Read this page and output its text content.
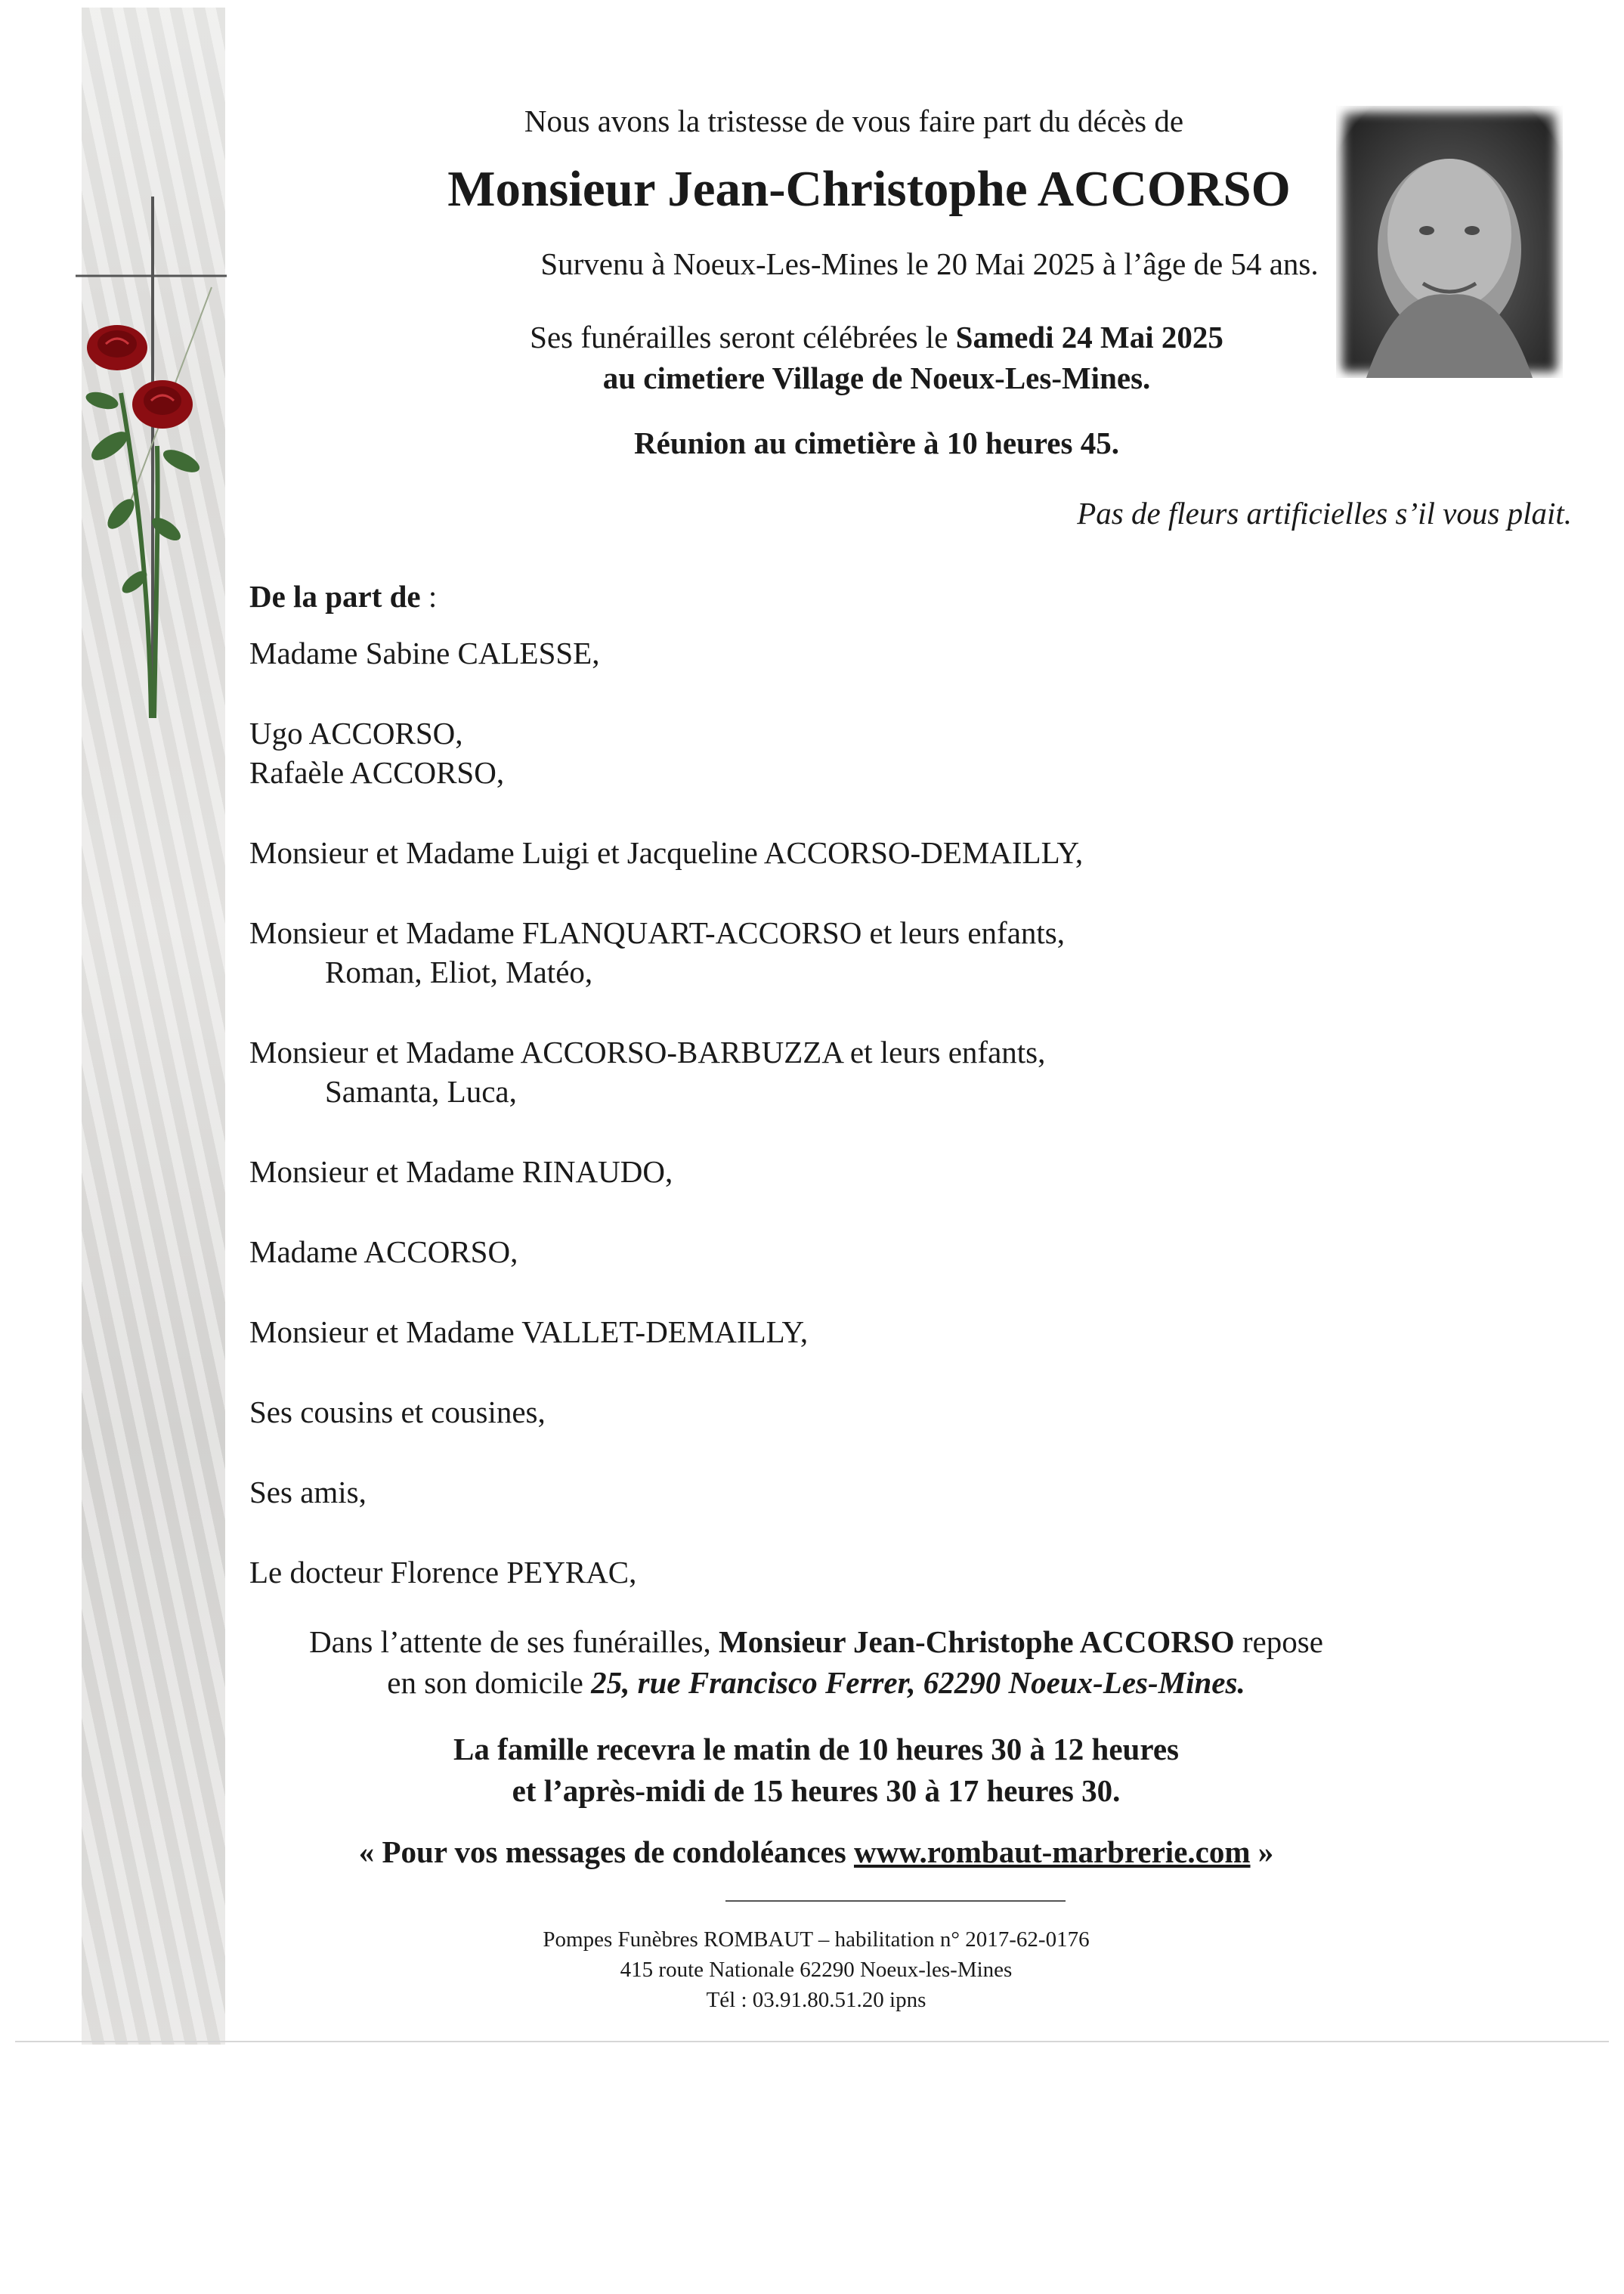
Nous avons la tristesse de vous faire part du décès de
Monsieur Jean-Christophe ACCORSO
Survenu à Noeux-Les-Mines le 20 Mai 2025 à l’âge de 54 ans.
Ses funérailles seront célébrées le Samedi 24 Mai 2025
au cimetiere Village de Noeux-Les-Mines.
Réunion au cimetière à 10 heures 45.
Pas de fleurs artificielles s’il vous plait.
De la part de :
Madame Sabine CALESSE,
Ugo ACCORSO,
Rafaèle ACCORSO,
Monsieur et Madame Luigi et Jacqueline ACCORSO-DEMAILLY,
Monsieur et Madame FLANQUART-ACCORSO et leurs enfants,
Roman, Eliot, Matéo,
Monsieur et Madame ACCORSO-BARBUZZA et leurs enfants,
Samanta, Luca,
Monsieur et Madame RINAUDO,
Madame ACCORSO,
Monsieur et Madame VALLET-DEMAILLY,
Ses cousins et cousines,
Ses amis,
Le docteur Florence PEYRAC,
Dans l’attente de ses funérailles, Monsieur Jean-Christophe ACCORSO repose
en son domicile 25, rue Francisco Ferrer, 62290 Noeux-Les-Mines.
La famille recevra le matin de 10 heures 30 à 12 heures
et l’après-midi de 15 heures 30 à 17 heures 30.
« Pour vos messages de condoléances www.rombaut-marbrerie.com »
Pompes Funèbres ROMBAUT – habilitation n° 2017-62-0176
415 route Nationale 62290 Noeux-les-Mines
Tél : 03.91.80.51.20 ipns
